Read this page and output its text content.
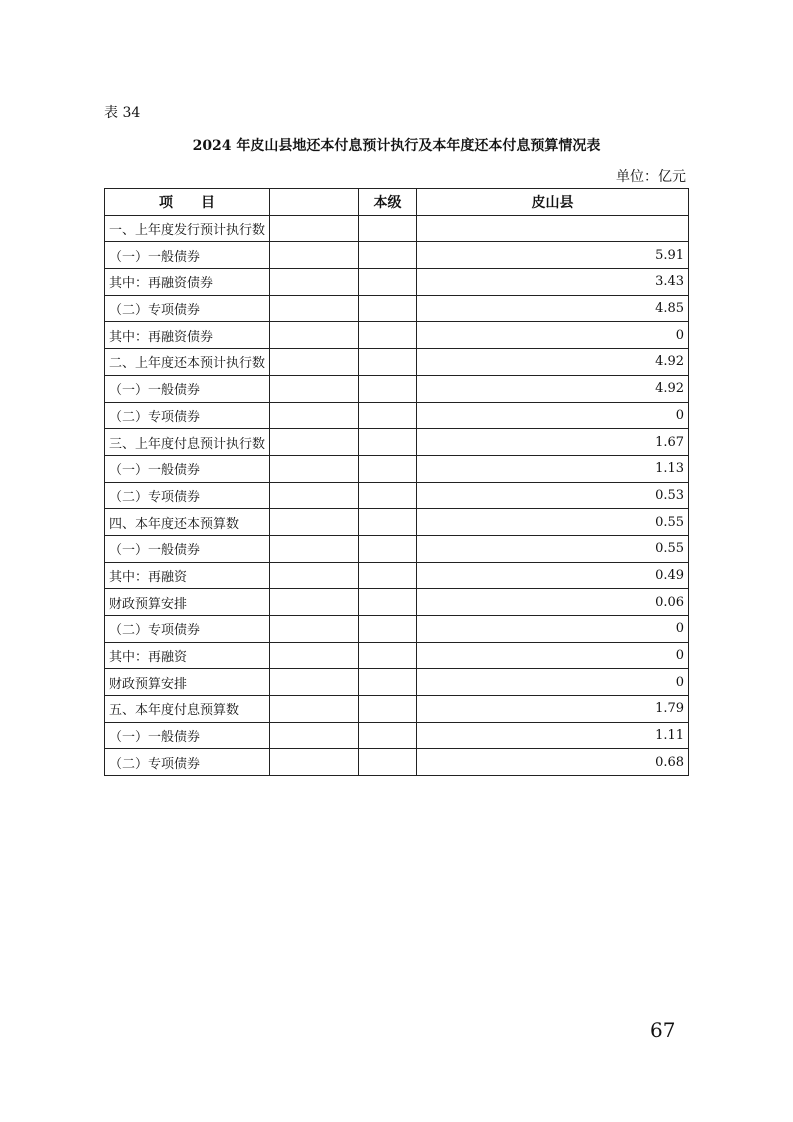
表 34
2024 年皮山县地还本付息预计执行及本年度还本付息预算情况表
单位：亿元
项　　目		本级	皮山县
一、上年度发行预计执行数			
（一）一般债券			5.91
其中：再融资债券			3.43
（二）专项债券			4.85
其中：再融资债券			0
二、上年度还本预计执行数			4.92
（一）一般债券			4.92
（二）专项债券			0
三、上年度付息预计执行数			1.67
（一）一般债券			1.13
（二）专项债券			0.53
四、本年度还本预算数			0.55
（一）一般债券			0.55
其中：再融资			0.49
财政预算安排			0.06
（二）专项债券			0
其中：再融资			0
财政预算安排			0
五、本年度付息预算数			1.79
（一）一般债券			1.11
（二）专项债券			0.68
67
